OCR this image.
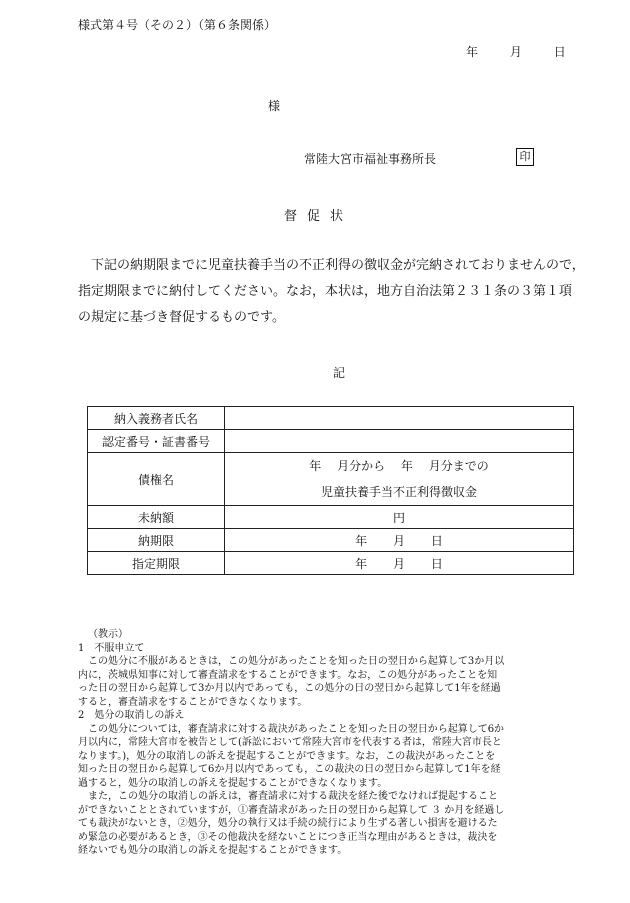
様式第４号（その２）（第６条関係）
年	月	日
様
常陸大宮市福祉事務所長	印
督促状
下記の納期限までに児童扶養手当の不正利得の徴収金が完納されておりませんので，
指定期限までに納付してください。なお，本状は，地方自治法第２３１条の３第１項
の規定に基づき督促するものです。
記
納入義務者氏名	
認定番号・証書番号	
債権名	年 月分から 年 月分までの
児童扶養手当不正利得徴収金

未納額	円
納期限	年 月 日
指定期限	年 月 日
（教示）
1　不服申立て
この処分に不服があるときは，この処分があったことを知った日の翌日から起算して3か月以
内に，茨城県知事に対して審査請求をすることができます。なお，この処分があったことを知
った日の翌日から起算して3か月以内であっても，この処分の日の翌日から起算して1年を経過
すると，審査請求をすることができなくなります。
2　処分の取消しの訴え
この処分については，審査請求に対する裁決があったことを知った日の翌日から起算して6か
月以内に，常陸大宮市を被告として(訴訟において常陸大宮市を代表する者は，常陸大宮市長と
なります。)，処分の取消しの訴えを提起することができます。なお，この裁決があったことを
知った日の翌日から起算して6か月以内であっても，この裁決の日の翌日から起算して1年を経
過すると，処分の取消しの訴えを提起することができなくなります。
また，この処分の取消しの訴えは，審査請求に対する裁決を経た後でなければ提起すること
ができないこととされていますが，①審査請求があった日の翌日から起算して ３ か月を経過し
ても裁決がないとき，②処分，処分の執行又は手続の続行により生ずる著しい損害を避けるた
め緊急の必要があるとき，③その他裁決を経ないことにつき正当な理由があるときは，裁決を
経ないでも処分の取消しの訴えを提起することができます。
